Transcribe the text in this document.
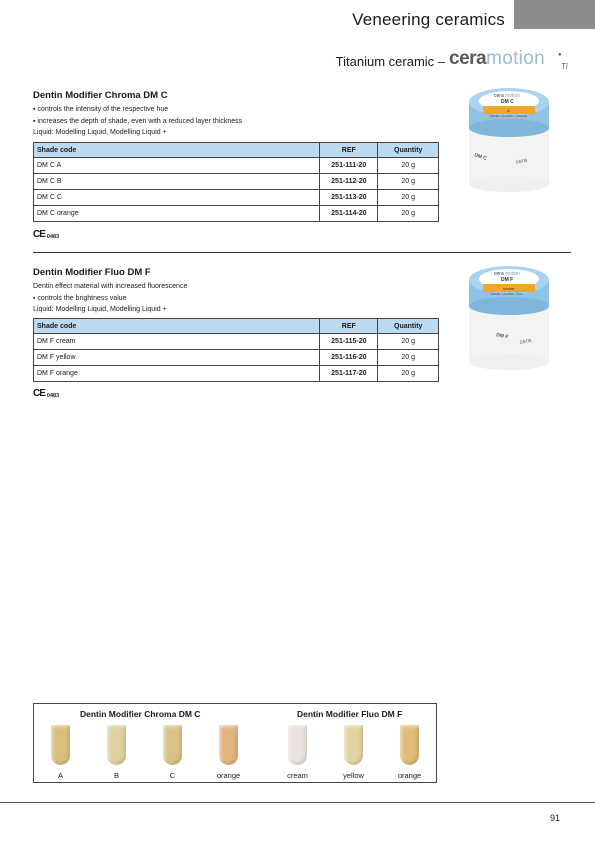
Veneering ceramics
Titanium ceramic – ceramotion ●
Ti
Dentin Modifier Chroma DM C
▪ controls the intensity of the respective hue
▪ increases the depth of shade, even with a reduced layer thickness
Liquid: Modelling Liquid, Modelling Liquid +
Shade code	REF	Quantity
DM C A	251-111-20	20 g
DM C B	251-112-20	20 g
DM C C	251-113-20	20 g
DM C orange	251-114-20	20 g
CE 0483
cera motion
DM C
A
Dentin Modifier Chroma
DM C	cera
Dentin Modifier Fluo DM F
Dentin effect material with increased fluorescence
▪ controls the brightness value
Liquid: Modelling Liquid, Modelling Liquid +
Shade code	REF	Quantity
DM F cream	251-115-20	20 g
DM F yellow	251-116-20	20 g
DM F orange	251-117-20	20 g
CE 0483
cera motion
DM F
cream
Dentin Modifier Fluo
DM F
cera
Dentin Modifier Chroma DM C	Dentin Modifier Fluo DM F
A	B	C	orange	cream	yellow	orange
91
